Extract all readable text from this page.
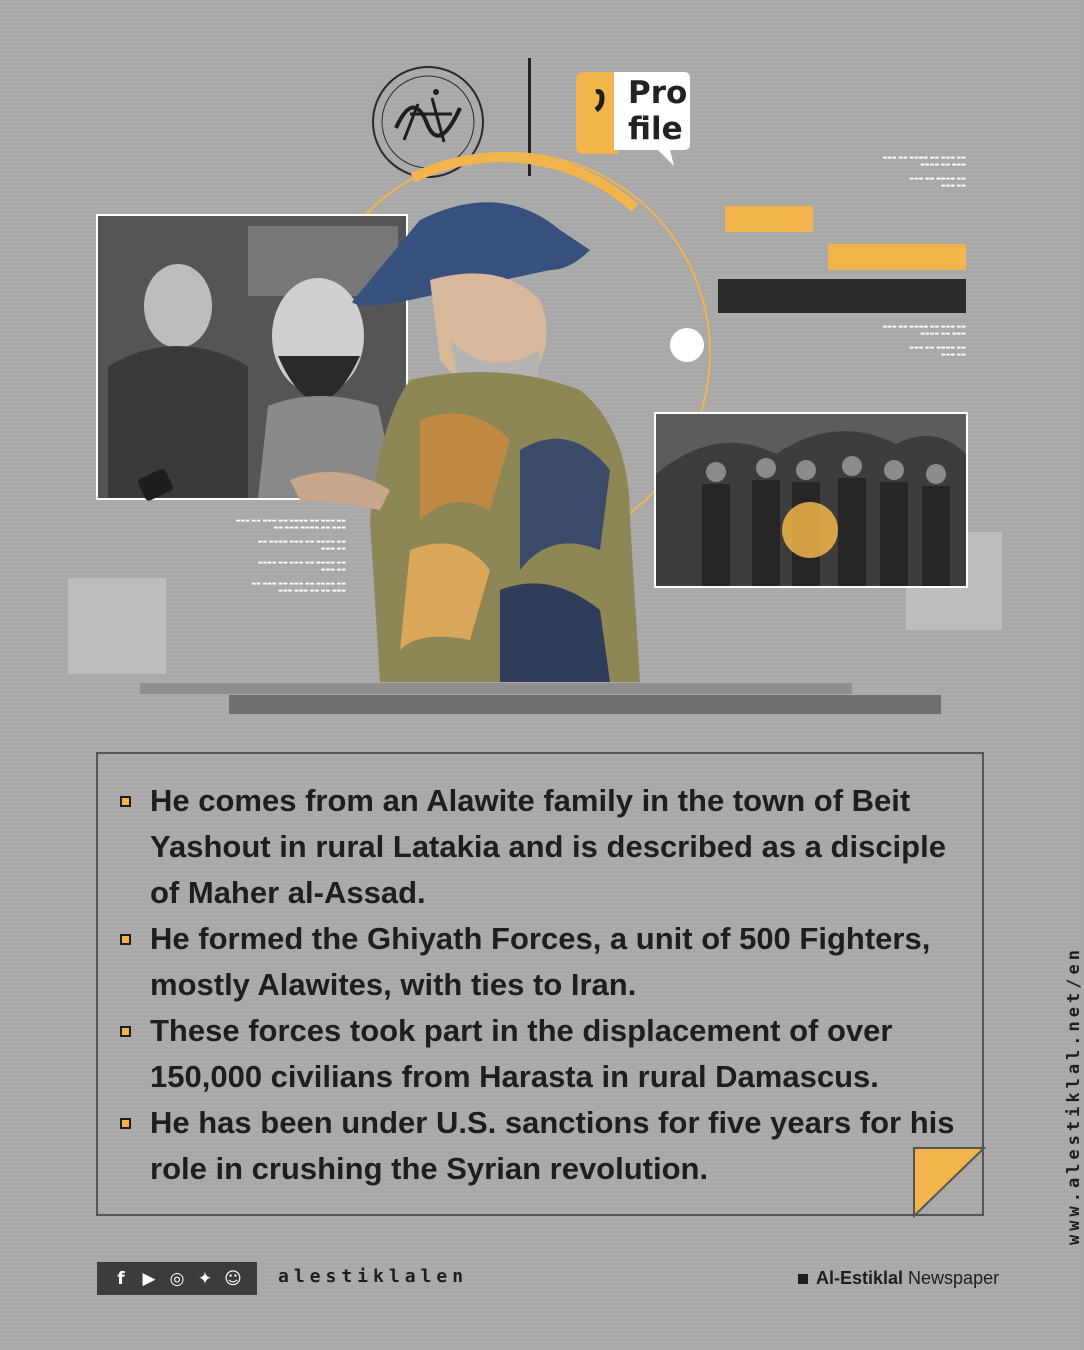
Pro
file
▬▬ ▬▬▬ ▬▬ ▬▬▬▬ ▬▬ ▬▬▬
▬▬▬ ▬▬ ▬▬▬▬

▬▬ ▬▬▬▬ ▬▬ ▬▬▬
▬▬ ▬▬▬
▬▬ ▬▬▬ ▬▬ ▬▬▬▬ ▬▬ ▬▬▬
▬▬▬ ▬▬ ▬▬▬▬

▬▬ ▬▬▬▬ ▬▬ ▬▬▬
▬▬ ▬▬▬
▬▬ ▬▬▬ ▬▬ ▬▬▬▬ ▬▬ ▬▬▬ ▬▬ ▬▬▬
▬▬▬ ▬▬ ▬▬▬▬ ▬▬▬ ▬▬

▬▬ ▬▬▬▬ ▬▬ ▬▬▬ ▬▬▬▬ ▬▬
▬▬ ▬▬▬

▬▬ ▬▬▬▬ ▬▬ ▬▬▬ ▬▬ ▬▬▬▬
▬▬ ▬▬▬

▬▬ ▬▬▬▬ ▬▬ ▬▬▬ ▬▬ ▬▬▬ ▬▬
▬▬▬ ▬▬ ▬▬ ▬▬▬ ▬▬▬
He comes from an Alawite family in the town of Beit Yashout in rural Latakia and is described as a disciple of Maher al-Assad.
He formed the Ghiyath Forces, a unit of 500 Fighters, mostly Alawites, with ties to Iran.
These forces took part in the displacement of over 150,000 civilians from Harasta in rural Damascus.
He has been under U.S. sanctions for five years for his role in crushing the Syrian revolution.
f	▶ ◎ ✦ ☺ alestiklalen	Al-Estiklal Newspaper
www.alestiklal.net/en
